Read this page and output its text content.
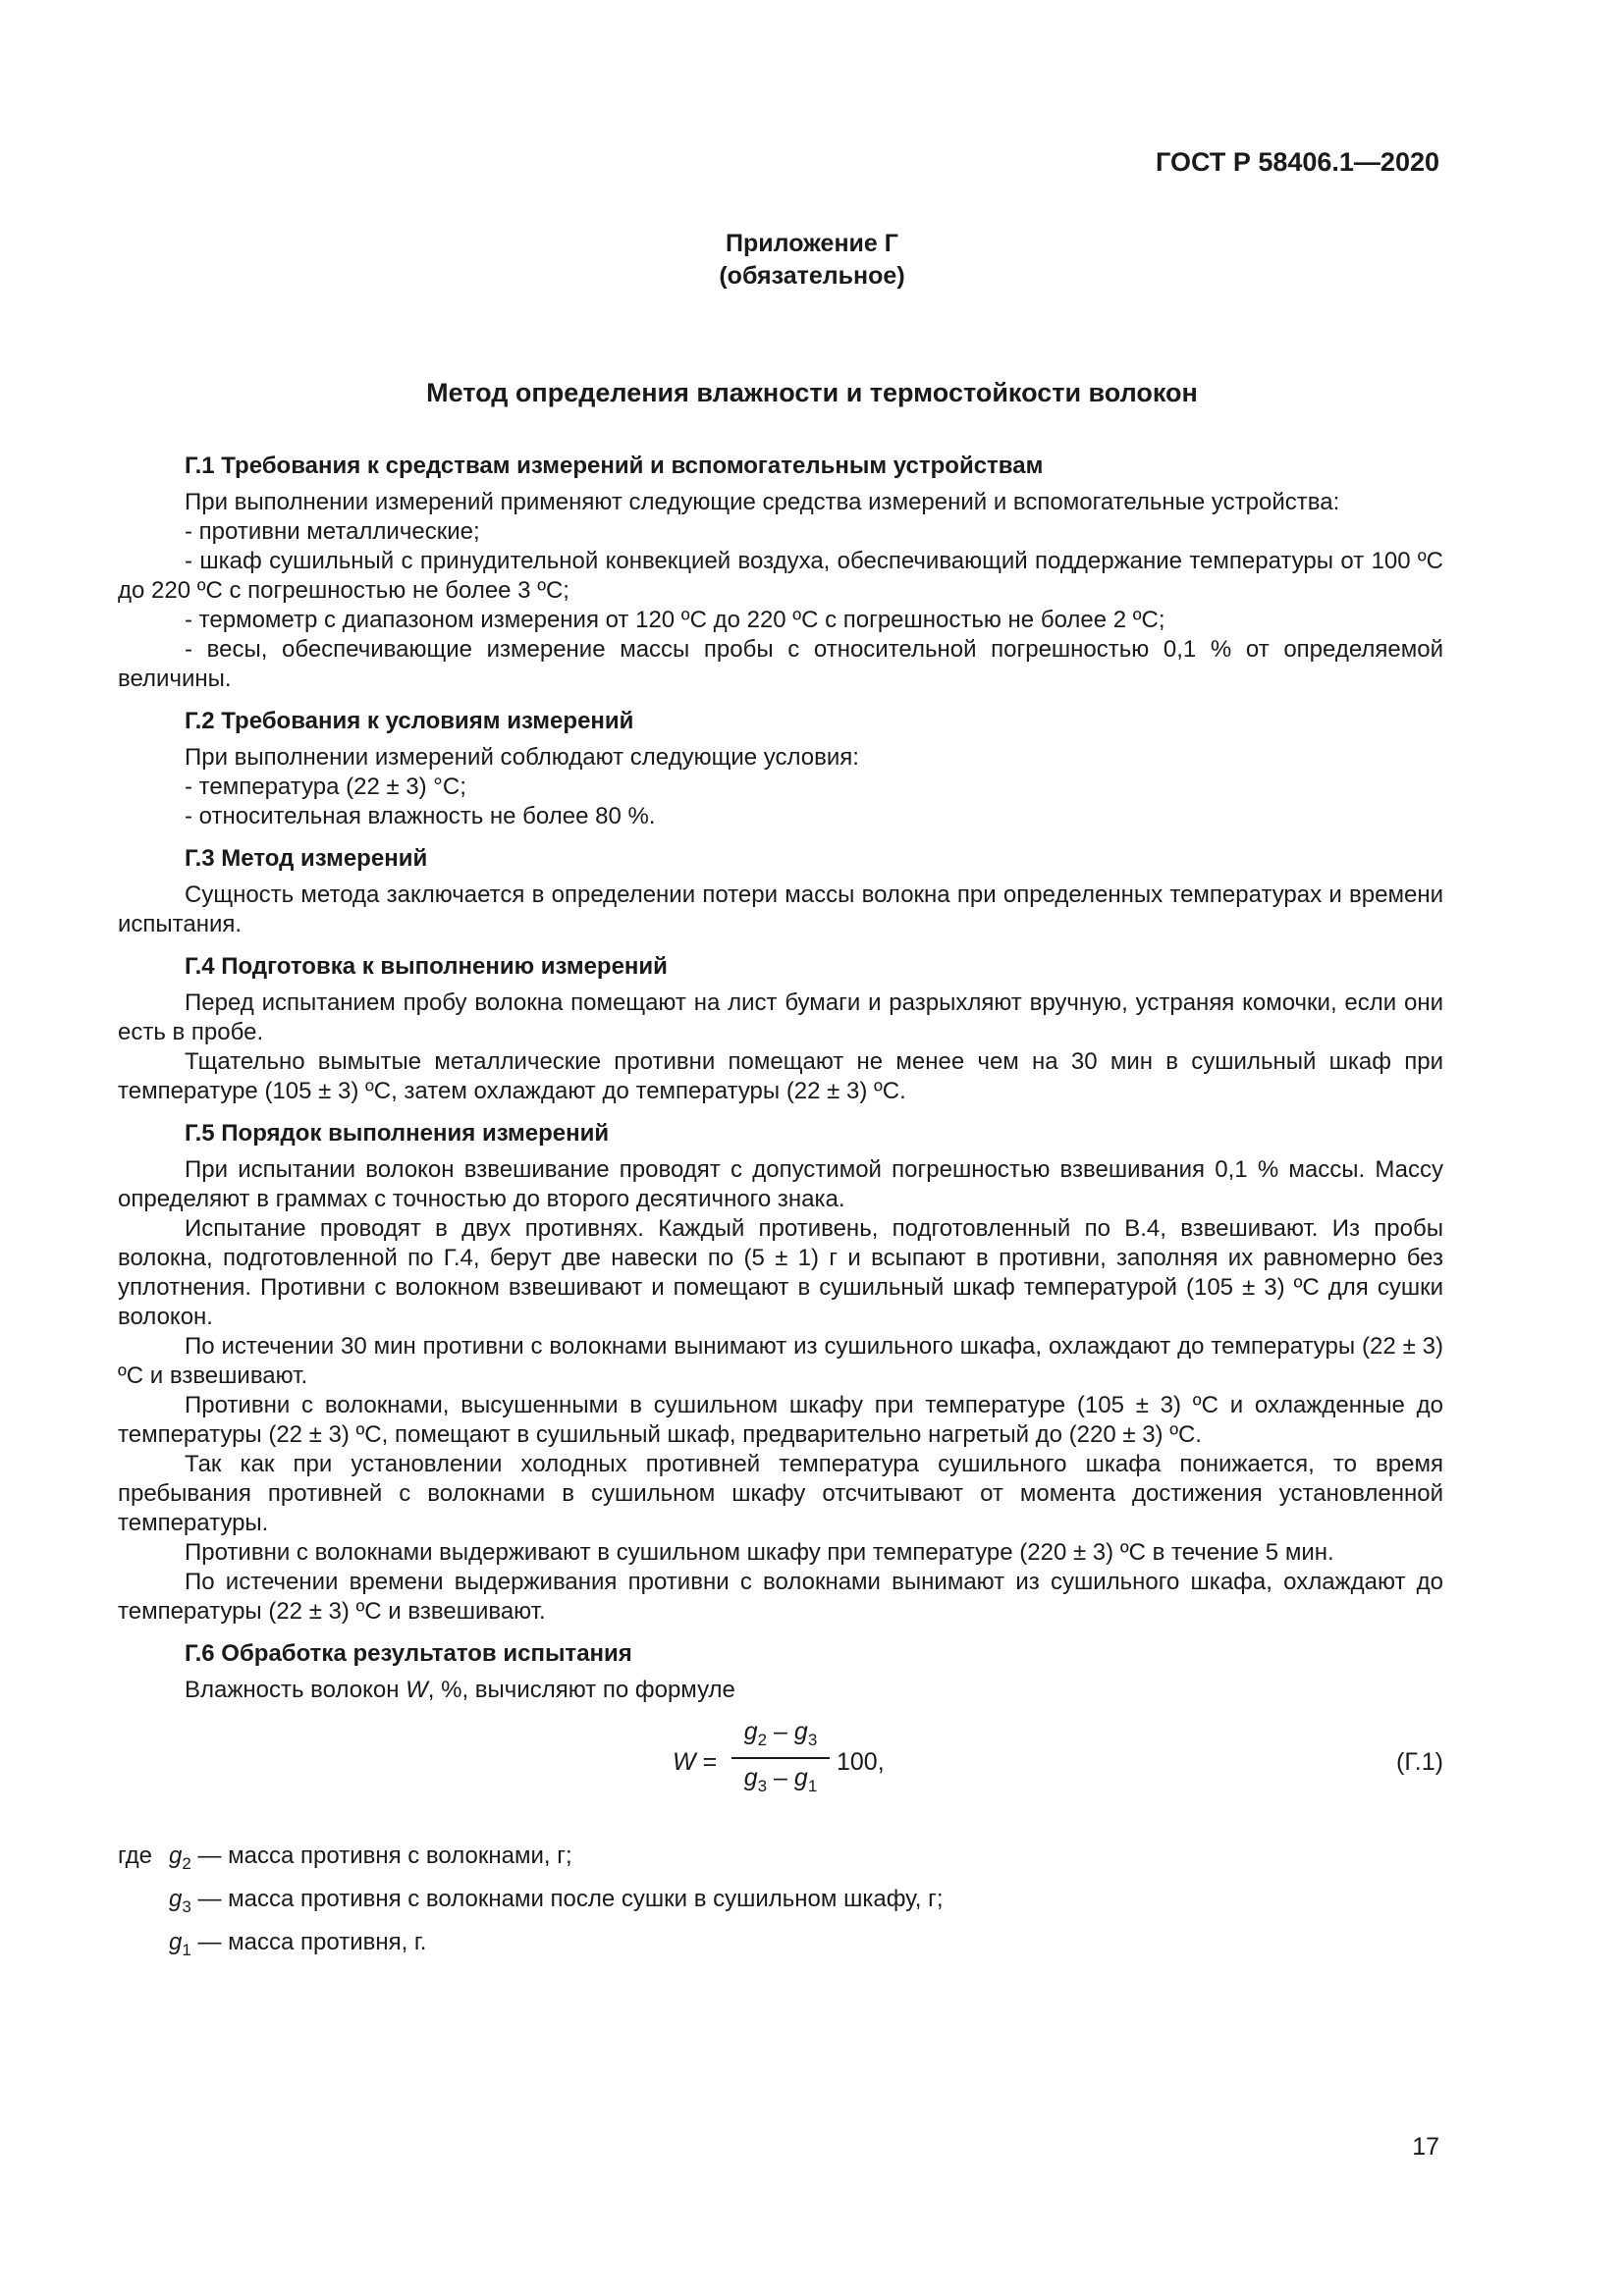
ГОСТ Р 58406.1—2020
Приложение Г
(обязательное)
Метод определения влажности и термостойкости волокон
Г.1 Требования к средствам измерений и вспомогательным устройствам
При выполнении измерений применяют следующие средства измерений и вспомогательные устройства:
- противни металлические;
- шкаф сушильный с принудительной конвекцией воздуха, обеспечивающий поддержание температуры от 100 ºС до 220 ºС с погрешностью не более 3 ºС;
- термометр с диапазоном измерения от 120 ºС до 220 ºС с погрешностью не более 2 ºС;
- весы, обеспечивающие измерение массы пробы с относительной погрешностью 0,1 % от определяемой величины.
Г.2 Требования к условиям измерений
При выполнении измерений соблюдают следующие условия:
- температура (22 ± 3) °С;
- относительная влажность не более 80 %.
Г.3 Метод измерений
Сущность метода заключается в определении потери массы волокна при определенных температурах и времени испытания.
Г.4 Подготовка к выполнению измерений
Перед испытанием пробу волокна помещают на лист бумаги и разрыхляют вручную, устраняя комочки, если они есть в пробе.
Тщательно вымытые металлические противни помещают не менее чем на 30 мин в сушильный шкаф при температуре (105 ± 3) ºС, затем охлаждают до температуры (22 ± 3) ºС.
Г.5 Порядок выполнения измерений
При испытании волокон взвешивание проводят с допустимой погрешностью взвешивания 0,1 % массы. Массу определяют в граммах с точностью до второго десятичного знака.
Испытание проводят в двух противнях. Каждый противень, подготовленный по В.4, взвешивают. Из пробы волокна, подготовленной по Г.4, берут две навески по (5 ± 1) г и всыпают в противни, заполняя их равномерно без уплотнения. Противни с волокном взвешивают и помещают в сушильный шкаф температурой (105 ± 3) ºС для сушки волокон.
По истечении 30 мин противни с волокнами вынимают из сушильного шкафа, охлаждают до температуры (22 ± 3) ºС и взвешивают.
Противни с волокнами, высушенными в сушильном шкафу при температуре (105 ± 3) ºС и охлажденные до температуры (22 ± 3) ºС, помещают в сушильный шкаф, предварительно нагретый до (220 ± 3) ºС.
Так как при установлении холодных противней температура сушильного шкафа понижается, то время пребывания противней с волокнами в сушильном шкафу отсчитывают от момента достижения установленной температуры.
Противни с волокнами выдерживают в сушильном шкафу при температуре (220 ± 3) ºС в течение 5 мин.
По истечении времени выдерживания противни с волокнами вынимают из сушильного шкафа, охлаждают до температуры (22 ± 3) ºС и взвешивают.
Г.6 Обработка результатов испытания
Влажность волокон W, %, вычисляют по формуле
$W = \frac{g_2 - g_3}{g_3 - g_1} 100$,	(Г.1)
где $g_2$ — масса противня с волокнами, г;
$g_3$ — масса противня с волокнами после сушки в сушильном шкафу, г;
$g_1$ — масса противня, г.
17
